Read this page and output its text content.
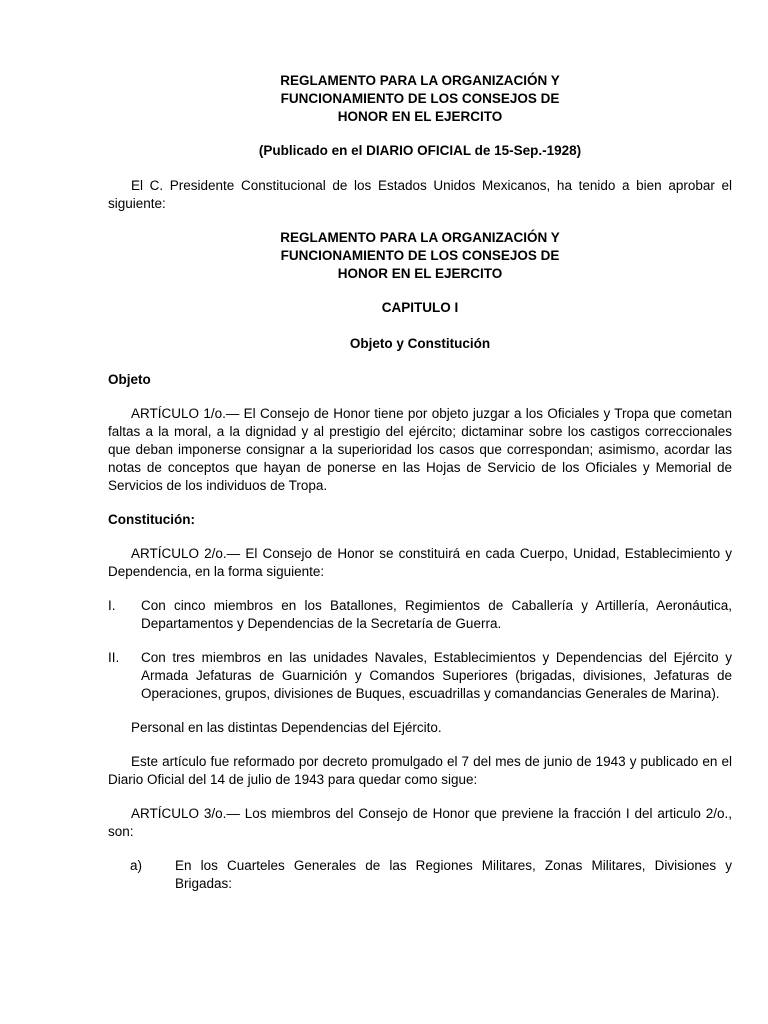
REGLAMENTO PARA LA ORGANIZACIÓN Y
FUNCIONAMIENTO DE LOS CONSEJOS DE
HONOR EN EL EJERCITO
(Publicado en el DIARIO OFICIAL de 15-Sep.-1928)

El C. Presidente Constitucional de los Estados Unidos Mexicanos, ha tenido a bien aprobar el siguiente:

REGLAMENTO PARA LA ORGANIZACIÓN Y
FUNCIONAMIENTO DE LOS CONSEJOS DE
HONOR EN EL EJERCITO
CAPITULO I
Objeto y Constitución
Objeto

ARTÍCULO 1/o.— El Consejo de Honor tiene por objeto juzgar a los Oficiales y Tropa que cometan faltas a la moral, a la dignidad y al prestigio del ejército; dictaminar sobre los castigos correccionales que deban imponerse consignar a la superioridad los casos que correspondan; asimismo, acordar las notas de conceptos que hayan de ponerse en las Hojas de Servicio de los Oficiales y Memorial de Servicios de los individuos de Tropa.

Constitución:

ARTÍCULO 2/o.— El Consejo de Honor se constituirá en cada Cuerpo, Unidad, Establecimiento y Dependencia, en la forma siguiente:

I.	Con cinco miembros en los Batallones, Regimientos de Caballería y Artillería, Aeronáutica, Departamentos y Dependencias de la Secretaría de Guerra.
II.	Con tres miembros en las unidades Navales, Establecimientos y Dependencias del Ejército y Armada Jefaturas de Guarnición y Comandos Superiores (brigadas, divisiones, Jefaturas de Operaciones, grupos, divisiones de Buques, escuadrillas y comandancias Generales de Marina).

Personal en las distintas Dependencias del Ejército.

Este artículo fue reformado por decreto promulgado el 7 del mes de junio de 1943 y publicado en el Diario Oficial del 14 de julio de 1943 para quedar como sigue:

ARTÍCULO 3/o.— Los miembros del Consejo de Honor que previene la fracción I del articulo 2/o., son:

a)	En los Cuarteles Generales de las Regiones Militares, Zonas Militares, Divisiones y Brigadas:
